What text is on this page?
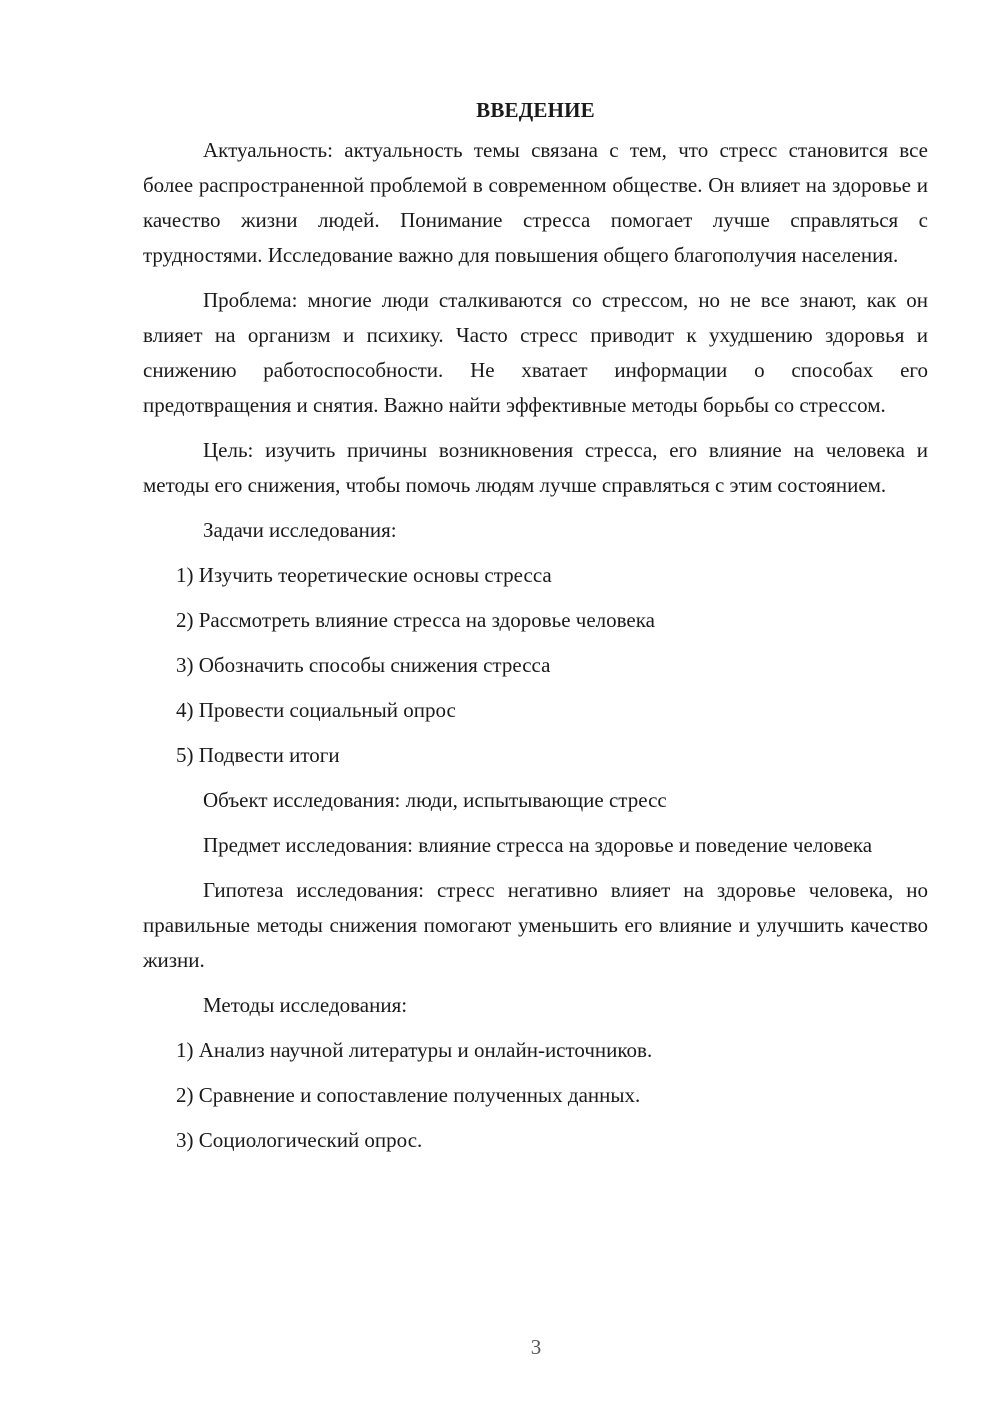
ВВЕДЕНИЕ

Актуальность: актуальность темы связана с тем, что стресс становится все более распространенной проблемой в современном обществе. Он влияет на здоровье и качество жизни людей. Понимание стресса помогает лучше справляться с трудностями. Исследование важно для повышения общего благополучия населения.

Проблема: многие люди сталкиваются со стрессом, но не все знают, как он влияет на организм и психику. Часто стресс приводит к ухудшению здоровья и снижению работоспособности. Не хватает информации о способах его предотвращения и снятия. Важно найти эффективные методы борьбы со стрессом.

Цель: изучить причины возникновения стресса, его влияние на человека и методы его снижения, чтобы помочь людям лучше справляться с этим состоянием.

Задачи исследования:
1) Изучить теоретические основы стресса
2) Рассмотреть влияние стресса на здоровье человека
3) Обозначить способы снижения стресса
4) Провести социальный опрос
5) Подвести итоги
Объект исследования: люди, испытывающие стресс

Предмет исследования: влияние стресса на здоровье и поведение человека

Гипотеза исследования: стресс негативно влияет на здоровье человека, но правильные методы снижения помогают уменьшить его влияние и улучшить качество жизни.

Методы исследования:
1) Анализ научной литературы и онлайн-источников.
2) Сравнение и сопоставление полученных данных.
3) Социологический опрос.
3
